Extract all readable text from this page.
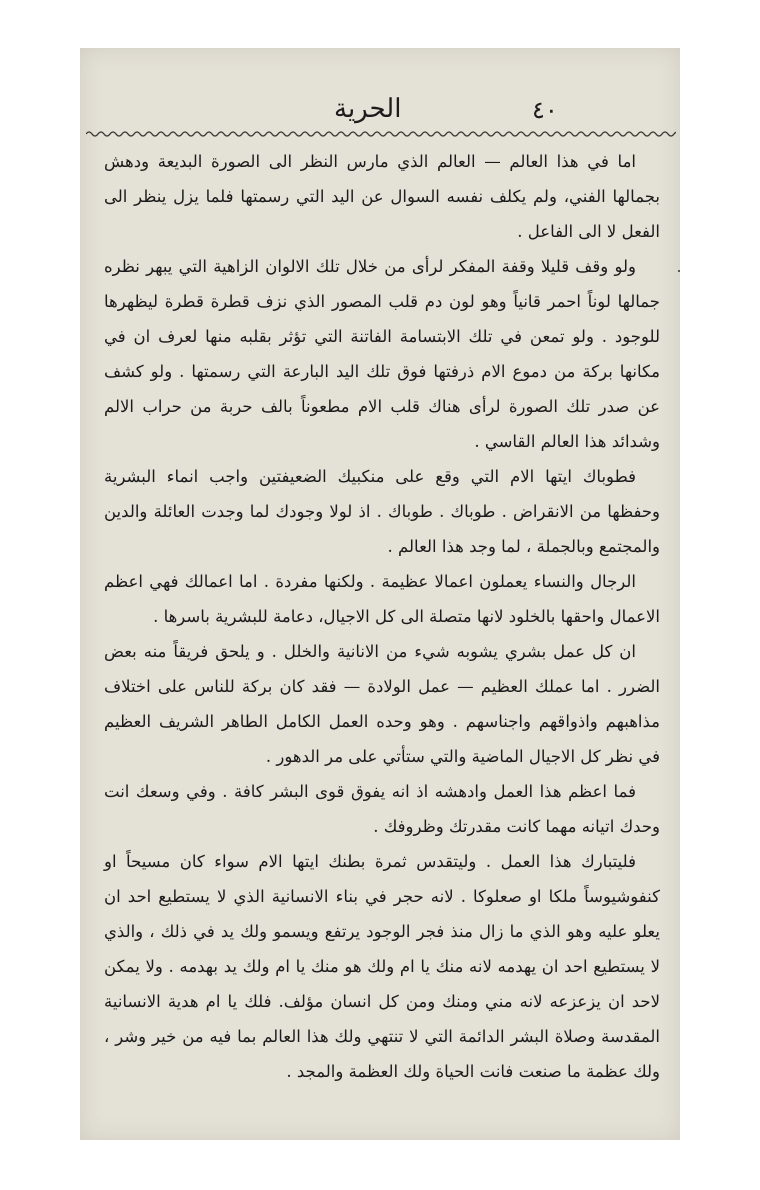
٤٠
الحرية

اما في هذا العالم — العالم الذي مارس النظر الى الصورة البديعة ودهش بجمالها الفني، ولم يكلف نفسه السوال عن اليد التي رسمتها فلما يزل ينظر الى الفعل لا الى الفاعل .

ولو وقف قليلا وقفة المفكر لرأى من خلال تلك الالوان الزاهية التي يبهر نظره جمالها لوناً احمر قانياً وهو لون دم قلب المصور الذي نزف قطرة قطرة ليظهرها للوجود . ولو تمعن في تلك الابتسامة الفاتنة التي تؤثر بقلبه منها لعرف ان في مكانها بركة من دموع الام ذرفتها فوق تلك اليد البارعة التي رسمتها . ولو كشف عن صدر تلك الصورة لرأى هناك قلب الام مطعوناً بالف حربة من حراب الالم وشدائد هذا العالم القاسي .

فطوباك ايتها الام التي وقع على منكبيك الضعيفتين واجب انماء البشرية وحفظها من الانقراض . طوباك . طوباك . اذ لولا وجودك لما وجدت العائلة والدين والمجتمع وبالجملة ، لما وجد هذا العالم .

الرجال والنساء يعملون اعمالا عظيمة . ولكنها مفردة . اما اعمالك فهي اعظم الاعمال واحقها بالخلود لانها متصلة الى كل الاجيال، دعامة للبشرية باسرها .

ان كل عمل بشري يشوبه شيء من الانانية والخلل . و يلحق فريقاً منه بعض الضرر . اما عملك العظيم — عمل الولادة — فقد كان بركة للناس على اختلاف مذاهبهم واذواقهم واجناسهم . وهو وحده العمل الكامل الطاهر الشريف العظيم في نظر كل الاجيال الماضية والتي ستأتي على مر الدهور .

فما اعظم هذا العمل وادهشه اذ انه يفوق قوى البشر كافة . وفي وسعك انت وحدك اتيانه مهما كانت مقدرتك وظروفك .

فليتبارك هذا العمل . وليتقدس ثمرة بطنك ايتها الام سواء كان مسيحاً او كنفوشيوساً ملكا او صعلوكا . لانه حجر في بناء الانسانية الذي لا يستطيع احد ان يعلو عليه وهو الذي ما زال منذ فجر الوجود يرتفع ويسمو ولك يد في ذلك ، والذي لا يستطيع احد ان يهدمه لانه منك يا ام ولك هو منك يا ام ولك يد بهدمه . ولا يمكن لاحد ان يزعزعه لانه مني ومنك ومن كل انسان مؤلف. فلك يا ام هدية الانسانية المقدسة وصلاة البشر الدائمة التي لا تنتهي ولك هذا العالم بما فيه من خير وشر ، ولك عظمة ما صنعت فانت الحياة ولك العظمة والمجد .
